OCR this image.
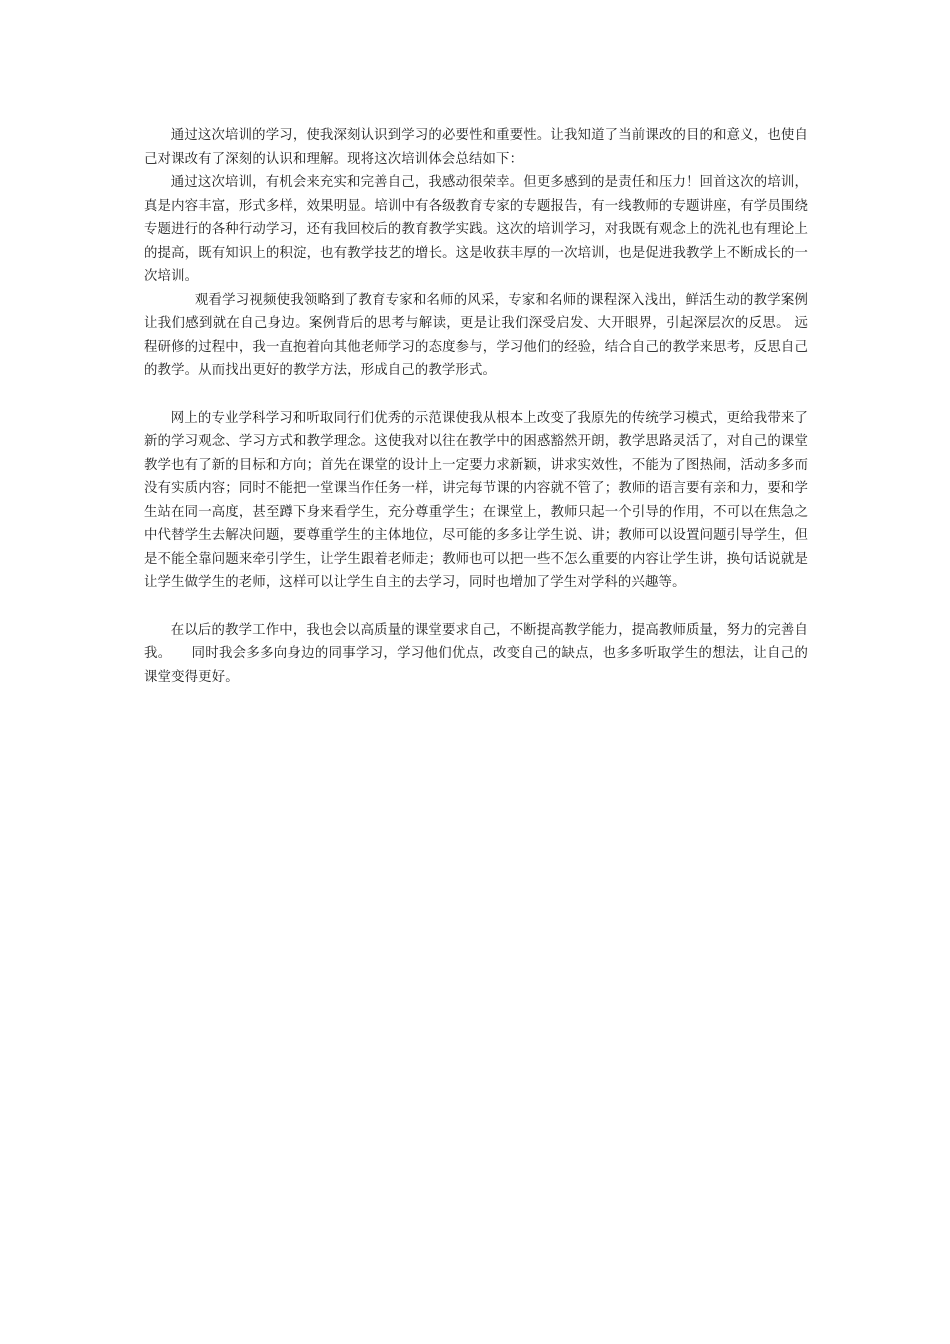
通过这次培训的学习，使我深刻认识到学习的必要性和重要性。让我知道了当前课改的目的和意义，也使自己对课改有了深刻的认识和理解。现将这次培训体会总结如下：

通过这次培训，有机会来充实和完善自己，我感动很荣幸。但更多感到的是责任和压力！回首这次的培训，真是内容丰富，形式多样，效果明显。培训中有各级教育专家的专题报告，有一线教师的专题讲座，有学员围绕专题进行的各种行动学习，还有我回校后的教育教学实践。这次的培训学习，对我既有观念上的洗礼也有理论上的提高，既有知识上的积淀，也有教学技艺的增长。这是收获丰厚的一次培训，也是促进我教学上不断成长的一次培训。

观看学习视频使我领略到了教育专家和名师的风采，专家和名师的课程深入浅出，鲜活生动的教学案例让我们感到就在自己身边。案例背后的思考与解读，更是让我们深受启发、大开眼界，引起深层次的反思。 远程研修的过程中，我一直抱着向其他老师学习的态度参与，学习他们的经验，结合自己的教学来思考，反思自己的教学。从而找出更好的教学方法，形成自己的教学形式。

网上的专业学科学习和听取同行们优秀的示范课使我从根本上改变了我原先的传统学习模式，更给我带来了新的学习观念、学习方式和教学理念。这使我对以往在教学中的困惑豁然开朗，教学思路灵活了，对自己的课堂教学也有了新的目标和方向；首先在课堂的设计上一定要力求新颖，讲求实效性，不能为了图热闹，活动多多而没有实质内容；同时不能把一堂课当作任务一样，讲完每节课的内容就不管了；教师的语言要有亲和力，要和学生站在同一高度，甚至蹲下身来看学生，充分尊重学生；在课堂上，教师只起一个引导的作用，不可以在焦急之中代替学生去解决问题，要尊重学生的主体地位，尽可能的多多让学生说、讲；教师可以设置问题引导学生，但是不能全靠问题来牵引学生，让学生跟着老师走；教师也可以把一些不怎么重要的内容让学生讲，换句话说就是让学生做学生的老师，这样可以让学生自主的去学习，同时也增加了学生对学科的兴趣等。

在以后的教学工作中，我也会以高质量的课堂要求自己，不断提高教学能力，提高教师质量，努力的完善自我。 同时我会多多向身边的同事学习，学习他们优点，改变自己的缺点，也多多听取学生的想法，让自己的课堂变得更好。
